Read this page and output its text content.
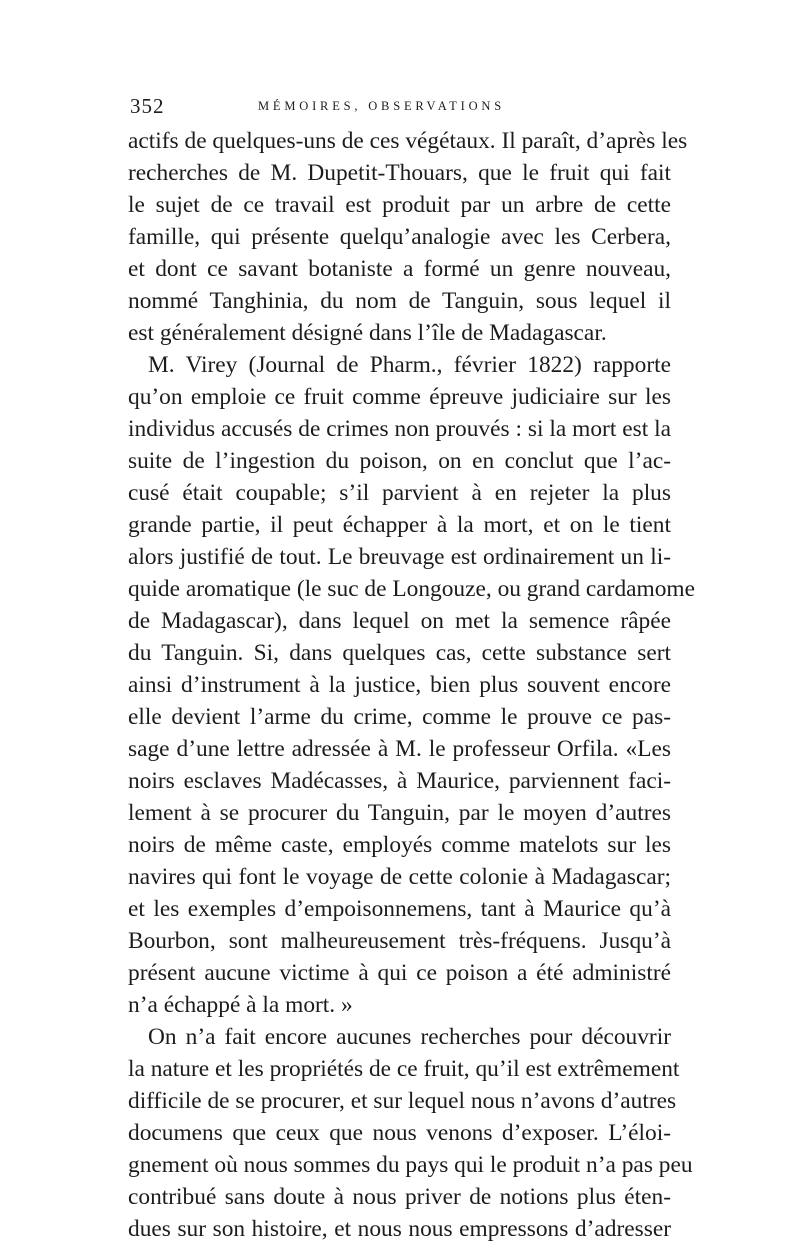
352	MÉMOIRES, OBSERVATIONS
actifs de quelques-uns de ces végétaux. Il paraît, d’après les
recherches de M. Dupetit-Thouars, que le fruit qui fait
le sujet de ce travail est produit par un arbre de cette
famille, qui présente quelqu’analogie avec les Cerbera,
et dont ce savant botaniste a formé un genre nouveau,
nommé Tanghinia, du nom de Tanguin, sous lequel il
est généralement désigné dans l’île de Madagascar.
M. Virey (Journal de Pharm., février 1822) rapporte
qu’on emploie ce fruit comme épreuve judiciaire sur les
individus accusés de crimes non prouvés : si la mort est la
suite de l’ingestion du poison, on en conclut que l’ac-
cusé était coupable; s’il parvient à en rejeter la plus
grande partie, il peut échapper à la mort, et on le tient
alors justifié de tout. Le breuvage est ordinairement un li-
quide aromatique (le suc de Longouze, ou grand cardamome
de Madagascar), dans lequel on met la semence râpée
du Tanguin. Si, dans quelques cas, cette substance sert
ainsi d’instrument à la justice, bien plus souvent encore
elle devient l’arme du crime, comme le prouve ce pas-
sage d’une lettre adressée à M. le professeur Orfila. «Les
noirs esclaves Madécasses, à Maurice, parviennent faci-
lement à se procurer du Tanguin, par le moyen d’autres
noirs de même caste, employés comme matelots sur les
navires qui font le voyage de cette colonie à Madagascar;
et les exemples d’empoisonnemens, tant à Maurice qu’à
Bourbon, sont malheureusement très-fréquens. Jusqu’à
présent aucune victime à qui ce poison a été administré
n’a échappé à la mort. »
On n’a fait encore aucunes recherches pour découvrir
la nature et les propriétés de ce fruit, qu’il est extrêmement
difficile de se procurer, et sur lequel nous n’avons d’autres
documens que ceux que nous venons d’exposer. L’éloi-
gnement où nous sommes du pays qui le produit n’a pas peu
contribué sans doute à nous priver de notions plus éten-
dues sur son histoire, et nous nous empressons d’adresser
